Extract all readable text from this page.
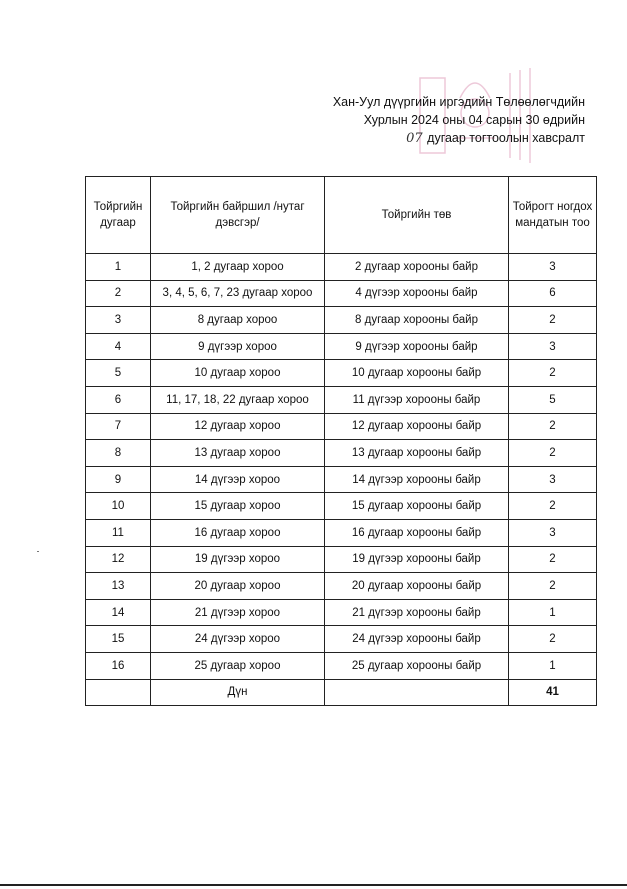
Хан-Уул дүүргийн иргэдийн Төлөөлөгчдийн
Хурлын 2024 оны 04 сарын 30 өдрийн
07 дугаар тогтоолын хавсралт
Тойргийн дугаар	Тойргийн байршил /нутаг дэвсгэр/	Тойргийн төв	Тойрогт ногдох мандатын тоо
1	1, 2 дугаар хороо	2 дугаар хорооны байр	3
2	3, 4, 5, 6, 7, 23 дугаар хороо	4 дүгээр хорооны байр	6
3	8 дугаар хороо	8 дугаар хорооны байр	2
4	9 дүгээр хороо	9 дүгээр хорооны байр	3
5	10 дугаар хороо	10 дугаар хорооны байр	2
6	11, 17, 18, 22 дугаар хороо	11 дүгээр хорооны байр	5
7	12 дугаар хороо	12 дугаар хорооны байр	2
8	13 дугаар хороо	13 дугаар хорооны байр	2
9	14 дүгээр хороо	14 дүгээр хорооны байр	3
10	15 дугаар хороо	15 дугаар хорооны байр	2
11	16 дугаар хороо	16 дугаар хорооны байр	3
12	19 дүгээр хороо	19 дүгээр хорооны байр	2
13	20 дугаар хороо	20 дугаар хорооны байр	2
14	21 дүгээр хороо	21 дүгээр хорооны байр	1
15	24 дүгээр хороо	24 дүгээр хорооны байр	2
16	25 дугаар хороо	25 дугаар хорооны байр	1
	Дүн		41
